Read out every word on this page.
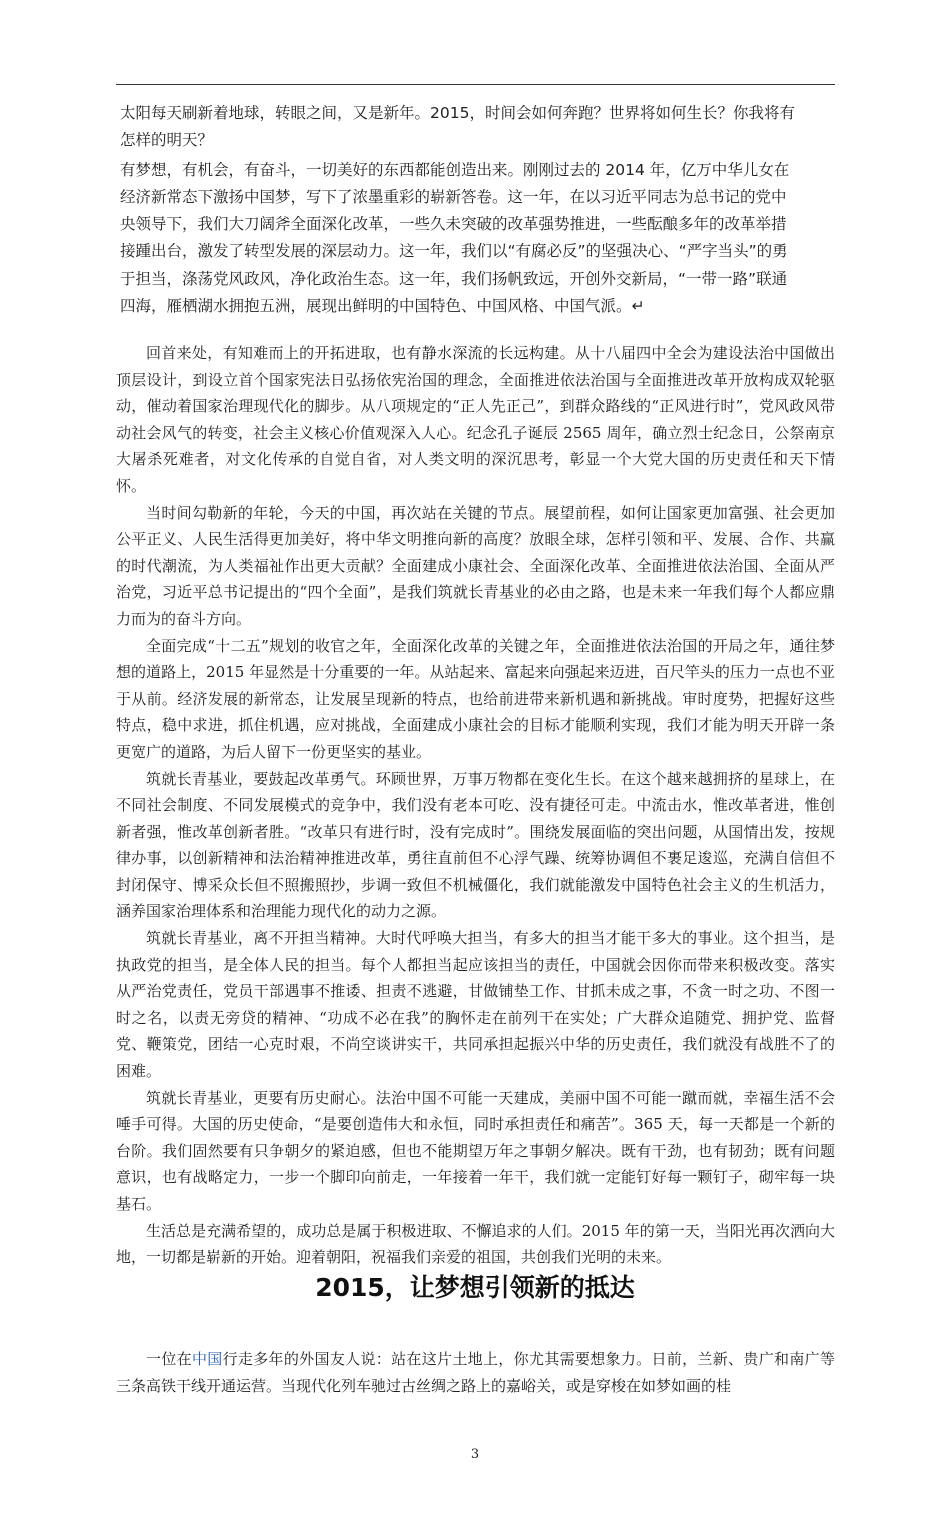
太阳每天刷新着地球，转眼之间，又是新年。2015，时间会如何奔跑？世界将如何生长？你我将有怎样的明天？

有梦想，有机会，有奋斗，一切美好的东西都能创造出来。刚刚过去的 2014 年，亿万中华儿女在经济新常态下激扬中国梦，写下了浓墨重彩的崭新答卷。这一年，在以习近平同志为总书记的党中央领导下，我们大刀阔斧全面深化改革，一些久未突破的改革强势推进，一些酝酿多年的改革举措接踵出台，激发了转型发展的深层动力。这一年，我们以“有腐必反”的坚强决心、“严字当头”的勇于担当，涤荡党风政风，净化政治生态。这一年，我们扬帆致远，开创外交新局，“一带一路”联通四海，雁栖湖水拥抱五洲，展现出鲜明的中国特色、中国风格、中国气派。↵

回首来处，有知难而上的开拓进取，也有静水深流的长远构建。从十八届四中全会为建设法治中国做出顶层设计，到设立首个国家宪法日弘扬依宪治国的理念，全面推进依法治国与全面推进改革开放构成双轮驱动，催动着国家治理现代化的脚步。从八项规定的“正人先正己”，到群众路线的“正风进行时”，党风政风带动社会风气的转变，社会主义核心价值观深入人心。纪念孔子诞辰 2565 周年，确立烈士纪念日，公祭南京大屠杀死难者，对文化传承的自觉自省，对人类文明的深沉思考，彰显一个大党大国的历史责任和天下情怀。

当时间勾勒新的年轮，今天的中国，再次站在关键的节点。展望前程，如何让国家更加富强、社会更加公平正义、人民生活得更加美好，将中华文明推向新的高度？放眼全球，怎样引领和平、发展、合作、共赢的时代潮流，为人类福祉作出更大贡献？全面建成小康社会、全面深化改革、全面推进依法治国、全面从严治党，习近平总书记提出的“四个全面”，是我们筑就长青基业的必由之路，也是未来一年我们每个人都应鼎力而为的奋斗方向。

全面完成“十二五”规划的收官之年，全面深化改革的关键之年，全面推进依法治国的开局之年，通往梦想的道路上，2015 年显然是十分重要的一年。从站起来、富起来向强起来迈进，百尺竿头的压力一点也不亚于从前。经济发展的新常态，让发展呈现新的特点，也给前进带来新机遇和新挑战。审时度势，把握好这些特点，稳中求进，抓住机遇，应对挑战，全面建成小康社会的目标才能顺利实现，我们才能为明天开辟一条更宽广的道路，为后人留下一份更坚实的基业。

筑就长青基业，要鼓起改革勇气。环顾世界，万事万物都在变化生长。在这个越来越拥挤的星球上，在不同社会制度、不同发展模式的竞争中，我们没有老本可吃、没有捷径可走。中流击水，惟改革者进，惟创新者强，惟改革创新者胜。“改革只有进行时，没有完成时”。围绕发展面临的突出问题，从国情出发，按规律办事，以创新精神和法治精神推进改革，勇往直前但不心浮气躁、统筹协调但不裹足逡巡，充满自信但不封闭保守、博采众长但不照搬照抄，步调一致但不机械僵化，我们就能激发中国特色社会主义的生机活力，涵养国家治理体系和治理能力现代化的动力之源。

筑就长青基业，离不开担当精神。大时代呼唤大担当，有多大的担当才能干多大的事业。这个担当，是执政党的担当，是全体人民的担当。每个人都担当起应该担当的责任，中国就会因你而带来积极改变。落实从严治党责任，党员干部遇事不推诿、担责不逃避，甘做铺垫工作、甘抓未成之事，不贪一时之功、不图一时之名，以责无旁贷的精神、“功成不必在我”的胸怀走在前列干在实处；广大群众追随党、拥护党、监督党、鞭策党，团结一心克时艰，不尚空谈讲实干，共同承担起振兴中华的历史责任，我们就没有战胜不了的困难。

筑就长青基业，更要有历史耐心。法治中国不可能一天建成，美丽中国不可能一蹴而就，幸福生活不会唾手可得。大国的历史使命，“是要创造伟大和永恒，同时承担责任和痛苦”。365 天，每一天都是一个新的台阶。我们固然要有只争朝夕的紧迫感，但也不能期望万年之事朝夕解决。既有干劲，也有韧劲；既有问题意识，也有战略定力，一步一个脚印向前走，一年接着一年干，我们就一定能钉好每一颗钉子，砌牢每一块基石。

生活总是充满希望的，成功总是属于积极进取、不懈追求的人们。2015 年的第一天，当阳光再次洒向大地，一切都是崭新的开始。迎着朝阳，祝福我们亲爱的祖国，共创我们光明的未来。

2015，让梦想引领新的抵达

一位在中国行走多年的外国友人说：站在这片土地上，你尤其需要想象力。日前，兰新、贵广和南广等三条高铁干线开通运营。当现代化列车驰过古丝绸之路上的嘉峪关，或是穿梭在如梦如画的桂

3
